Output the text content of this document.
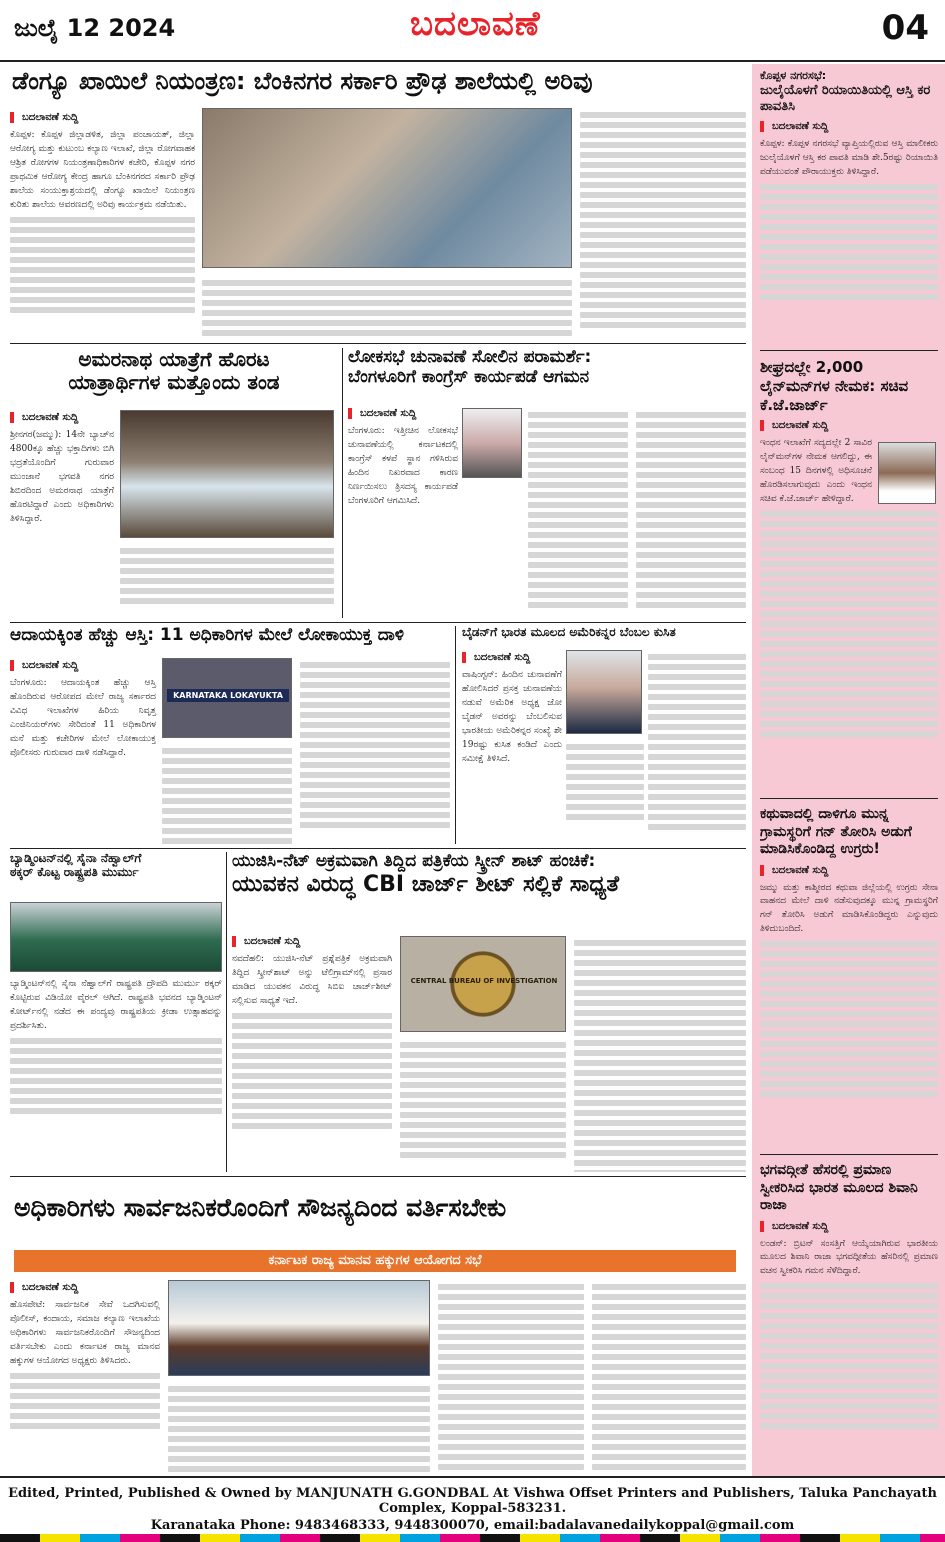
ಜುಲೈ 12 2024	ಬದಲಾವಣೆ	04
ಡೆಂಗ್ಯೂ ಖಾಯಿಲೆ ನಿಯಂತ್ರಣ: ಬೆಂಕಿನಗರ ಸರ್ಕಾರಿ ಪ್ರೌಢ ಶಾಲೆಯಲ್ಲಿ ಅರಿವು
ಬದಲಾವಣೆ ಸುದ್ದಿ
ಕೊಪ್ಪಳ: ಕೊಪ್ಪಳ ಜಿಲ್ಲಾಡಳಿತ, ಜಿಲ್ಲಾ ಪಂಚಾಯತ್, ಜಿಲ್ಲಾ ಆರೋಗ್ಯ ಮತ್ತು ಕುಟುಂಬ ಕಲ್ಯಾಣ ಇಲಾಖೆ, ಜಿಲ್ಲಾ ರೋಗವಾಹಕ ಆಶ್ರಿತ ರೋಗಗಳ ನಿಯಂತ್ರಣಾಧಿಕಾರಿಗಳ ಕಚೇರಿ, ಕೊಪ್ಪಳ ನಗರ ಪ್ರಾಥಮಿಕ ಆರೋಗ್ಯ ಕೇಂದ್ರ ಹಾಗೂ ಬೆಂಕಿನಗರದ ಸರ್ಕಾರಿ ಪ್ರೌಢ ಶಾಲೆಯ ಸಂಯುಕ್ತಾಶ್ರಯದಲ್ಲಿ ಡೆಂಗ್ಯೂ ಖಾಯಿಲೆ ನಿಯಂತ್ರಣ ಕುರಿತು ಶಾಲೆಯ ಆವರಣದಲ್ಲಿ ಅರಿವು ಕಾರ್ಯಕ್ರಮ ನಡೆಯಿತು.
ಅಮರನಾಥ ಯಾತ್ರೆಗೆ ಹೊರಟ
ಯಾತ್ರಾರ್ಥಿಗಳ ಮತ್ತೊಂದು ತಂಡ
ಬದಲಾವಣೆ ಸುದ್ದಿ
ಶ್ರೀನಗರ(ಜಮ್ಮು): 14ನೇ ಬ್ಯಾಚ್‌ನ 4800ಕ್ಕೂ ಹೆಚ್ಚು ಭಕ್ತಾದಿಗಳು ಬಿಗಿ ಭದ್ರತೆಯೊಂದಿಗೆ ಗುರುವಾರ ಮುಂಜಾನೆ ಭಗವತಿ ನಗರ ಶಿಬಿರದಿಂದ ಅಮರನಾಥ ಯಾತ್ರೆಗೆ ಹೊರಟಿದ್ದಾರೆ ಎಂದು ಅಧಿಕಾರಿಗಳು ತಿಳಿಸಿದ್ದಾರೆ.
ಲೋಕಸಭೆ ಚುನಾವಣೆ ಸೋಲಿನ ಪರಾಮರ್ಶೆ:
ಬೆಂಗಳೂರಿಗೆ ಕಾಂಗ್ರೆಸ್ ಕಾರ್ಯಪಡೆ ಆಗಮನ
ಬದಲಾವಣೆ ಸುದ್ದಿ
ಬೆಂಗಳೂರು: ಇತ್ತೀಚಿನ ಲೋಕಸಭೆ ಚುನಾವಣೆಯಲ್ಲಿ ಕರ್ನಾಟಕದಲ್ಲಿ ಕಾಂಗ್ರೆಸ್ ಕಳಪೆ ಸ್ಥಾನ ಗಳಿಸಿರುವ ಹಿಂದಿನ ನಿಖರವಾದ ಕಾರಣ ನಿರ್ಣಯಿಸಲು ತ್ರಿಸದಸ್ಯ ಕಾರ್ಯಪಡೆ ಬೆಂಗಳೂರಿಗೆ ಆಗಮಿಸಿದೆ.
ಆದಾಯಕ್ಕಿಂತ ಹೆಚ್ಚು ಆಸ್ತಿ: 11 ಅಧಿಕಾರಿಗಳ ಮೇಲೆ ಲೋಕಾಯುಕ್ತ ದಾಳಿ
ಬದಲಾವಣೆ ಸುದ್ದಿ
ಬೆಂಗಳೂರು: ಆದಾಯಕ್ಕಿಂತ ಹೆಚ್ಚು ಆಸ್ತಿ ಹೊಂದಿರುವ ಆರೋಪದ ಮೇಲೆ ರಾಜ್ಯ ಸರ್ಕಾರದ ವಿವಿಧ ಇಲಾಖೆಗಳ ಹಿರಿಯ ನಿವೃತ್ತ ಎಂಜಿನಿಯರ್‌ಗಳು ಸೇರಿದಂತೆ 11 ಅಧಿಕಾರಿಗಳ ಮನೆ ಮತ್ತು ಕಚೇರಿಗಳ ಮೇಲೆ ಲೋಕಾಯುಕ್ತ ಪೊಲೀಸರು ಗುರುವಾರ ದಾಳಿ ನಡೆಸಿದ್ದಾರೆ.
KARNATAKA LOKAYUKTA
ಬೈಡನ್‌ಗೆ ಭಾರತ ಮೂಲದ ಅಮೆರಿಕನ್ನರ ಬೆಂಬಲ ಕುಸಿತ
ಬದಲಾವಣೆ ಸುದ್ದಿ
ವಾಷಿಂಗ್ಟನ್: ಹಿಂದಿನ ಚುನಾವಣೆಗೆ ಹೋಲಿಸಿದರೆ ಪ್ರಸಕ್ತ ಚುನಾವಣೆಯ ನಡುವೆ ಅಮೆರಿಕ ಅಧ್ಯಕ್ಷ ಜೋ ಬೈಡನ್ ಅವರನ್ನು ಬೆಂಬಲಿಸುವ ಭಾರತೀಯ ಅಮೆರಿಕನ್ನರ ಸಂಖ್ಯೆ ಶೇ 19ರಷ್ಟು ಕುಸಿತ ಕಂಡಿದೆ ಎಂದು ಸಮೀಕ್ಷೆ ತಿಳಿಸಿದೆ.
ಬ್ಯಾಡ್ಮಿಂಟನ್‌ನಲ್ಲಿ ಸೈನಾ ನೆಹ್ವಾಲ್‌ಗೆ
ಠಕ್ಕರ್ ಕೊಟ್ಟ ರಾಷ್ಟ್ರಪತಿ ಮುರ್ಮು
ಬ್ಯಾಡ್ಮಿಂಟನ್‌ನಲ್ಲಿ ಸೈನಾ ನೆಹ್ವಾಲ್‌ಗೆ ರಾಷ್ಟ್ರಪತಿ ದ್ರೌಪದಿ ಮುರ್ಮು ಠಕ್ಕರ್ ಕೊಟ್ಟಿರುವ ವಿಡಿಯೋ ವೈರಲ್ ಆಗಿದೆ. ರಾಷ್ಟ್ರಪತಿ ಭವನದ ಬ್ಯಾಡ್ಮಿಂಟನ್ ಕೋರ್ಟ್‌ನಲ್ಲಿ ನಡೆದ ಈ ಪಂದ್ಯವು ರಾಷ್ಟ್ರಪತಿಯ ಕ್ರೀಡಾ ಉತ್ಸಾಹವನ್ನು ಪ್ರದರ್ಶಿಸಿತು.
ಯುಜಿಸಿ-ನೆಟ್ ಅಕ್ರಮವಾಗಿ ತಿದ್ದಿದ ಪತ್ರಿಕೆಯ ಸ್ಕ್ರೀನ್ ಶಾಟ್ ಹಂಚಿಕೆ:
ಯುವಕನ ವಿರುದ್ಧ CBI ಚಾರ್ಜ್ ಶೀಟ್ ಸಲ್ಲಿಕೆ ಸಾಧ್ಯತೆ
ಬದಲಾವಣೆ ಸುದ್ದಿ
ನವದೆಹಲಿ: ಯುಜಿಸಿ-ನೆಟ್ ಪ್ರಶ್ನೆಪತ್ರಿಕೆ ಅಕ್ರಮವಾಗಿ ತಿದ್ದಿದ ಸ್ಕ್ರೀನ್‌ಶಾಟ್ ಅನ್ನು ಟೆಲಿಗ್ರಾಮ್‌ನಲ್ಲಿ ಪ್ರಸಾರ ಮಾಡಿದ ಯುವಕನ ವಿರುದ್ಧ ಸಿಬಿಐ ಚಾರ್ಜ್‌ಶೀಟ್ ಸಲ್ಲಿಸುವ ಸಾಧ್ಯತೆ ಇದೆ.
CENTRAL BUREAU OF INVESTIGATION
ಅಧಿಕಾರಿಗಳು ಸಾರ್ವಜನಿಕರೊಂದಿಗೆ ಸೌಜನ್ಯದಿಂದ ವರ್ತಿಸಬೇಕು
ಕರ್ನಾಟಕ ರಾಜ್ಯ ಮಾನವ ಹಕ್ಕುಗಳ ಆಯೋಗದ ಸಭೆ
ಬದಲಾವಣೆ ಸುದ್ದಿ
ಹೊಸಪೇಟೆ: ಸಾರ್ವಜನಿಕ ಸೇವೆ ಒದಗಿಸುವಲ್ಲಿ ಪೊಲೀಸ್, ಕಂದಾಯ, ಸಮಾಜ ಕಲ್ಯಾಣ ಇಲಾಖೆಯ ಅಧಿಕಾರಿಗಳು ಸಾರ್ವಜನಿಕರೊಂದಿಗೆ ಸೌಜನ್ಯದಿಂದ ವರ್ತಿಸಬೇಕು ಎಂದು ಕರ್ನಾಟಕ ರಾಜ್ಯ ಮಾನವ ಹಕ್ಕುಗಳ ಆಯೋಗದ ಅಧ್ಯಕ್ಷರು ತಿಳಿಸಿದರು.
ಕೊಪ್ಪಳ ನಗರಸಭೆ:
ಜುಲೈಯೊಳಗೆ ರಿಯಾಯಿತಿಯಲ್ಲಿ ಆಸ್ತಿ ಕರ ಪಾವತಿಸಿ
ಬದಲಾವಣೆ ಸುದ್ದಿ
ಕೊಪ್ಪಳ: ಕೊಪ್ಪಳ ನಗರಸಭೆ ವ್ಯಾಪ್ತಿಯಲ್ಲಿರುವ ಆಸ್ತಿ ಮಾಲೀಕರು ಜುಲೈಯೊಳಗೆ ಆಸ್ತಿ ಕರ ಪಾವತಿ ಮಾಡಿ ಶೇ.5ರಷ್ಟು ರಿಯಾಯಿತಿ ಪಡೆಯುವಂತೆ ಪೌರಾಯುಕ್ತರು ತಿಳಿಸಿದ್ದಾರೆ.
ಶೀಘ್ರದಲ್ಲೇ 2,000 ಲೈನ್‌ಮನ್‌ಗಳ ನೇಮಕ: ಸಚಿವ ಕೆ.ಜೆ.ಜಾರ್ಜ್
ಬದಲಾವಣೆ ಸುದ್ದಿ
ಇಂಧನ ಇಲಾಖೆಗೆ ಸದ್ಯದಲ್ಲೇ 2 ಸಾವಿರ ಲೈನ್‌ಮನ್‌ಗಳ ನೇಮಕ ಆಗಲಿದ್ದು, ಈ ಸಂಬಂಧ 15 ದಿನಗಳಲ್ಲಿ ಅಧಿಸೂಚನೆ ಹೊರಡಿಸಲಾಗುವುದು ಎಂದು ಇಂಧನ ಸಚಿವ ಕೆ.ಜೆ.ಜಾರ್ಜ್ ಹೇಳಿದ್ದಾರೆ.
ಕಥುವಾದಲ್ಲಿ ದಾಳಿಗೂ ಮುನ್ನ ಗ್ರಾಮಸ್ಥರಿಗೆ ಗನ್ ತೋರಿಸಿ ಅಡುಗೆ ಮಾಡಿಸಿಕೊಂಡಿದ್ದ ಉಗ್ರರು!
ಬದಲಾವಣೆ ಸುದ್ದಿ
ಜಮ್ಮು ಮತ್ತು ಕಾಶ್ಮೀರದ ಕಥುವಾ ಜಿಲ್ಲೆಯಲ್ಲಿ ಉಗ್ರರು ಸೇನಾ ವಾಹನದ ಮೇಲೆ ದಾಳಿ ನಡೆಸುವುದಕ್ಕೂ ಮುನ್ನ ಗ್ರಾಮಸ್ಥರಿಗೆ ಗನ್ ತೋರಿಸಿ ಅಡುಗೆ ಮಾಡಿಸಿಕೊಂಡಿದ್ದರು ಎನ್ನುವುದು ತಿಳಿದುಬಂದಿದೆ.
ಭಗವದ್ಗೀತೆ ಹೆಸರಲ್ಲಿ ಪ್ರಮಾಣ ಸ್ವೀಕರಿಸಿದ ಭಾರತ ಮೂಲದ ಶಿವಾನಿ ರಾಜಾ
ಬದಲಾವಣೆ ಸುದ್ದಿ
ಲಂಡನ್: ಬ್ರಿಟನ್ ಸಂಸತ್ತಿಗೆ ಆಯ್ಕೆಯಾಗಿರುವ ಭಾರತೀಯ ಮೂಲದ ಶಿವಾನಿ ರಾಜಾ ಭಗವದ್ಗೀತೆಯ ಹೆಸರಿನಲ್ಲಿ ಪ್ರಮಾಣ ವಚನ ಸ್ವೀಕರಿಸಿ ಗಮನ ಸೆಳೆದಿದ್ದಾರೆ.
Edited, Printed, Published & Owned by MANJUNATH G.GONDBAL At Vishwa Offset Printers and Publishers, Taluka Panchayath Complex, Koppal-583231.
Karanataka Phone: 9483468333, 9448300070, email:badalavanedailykoppal@gmail.com
